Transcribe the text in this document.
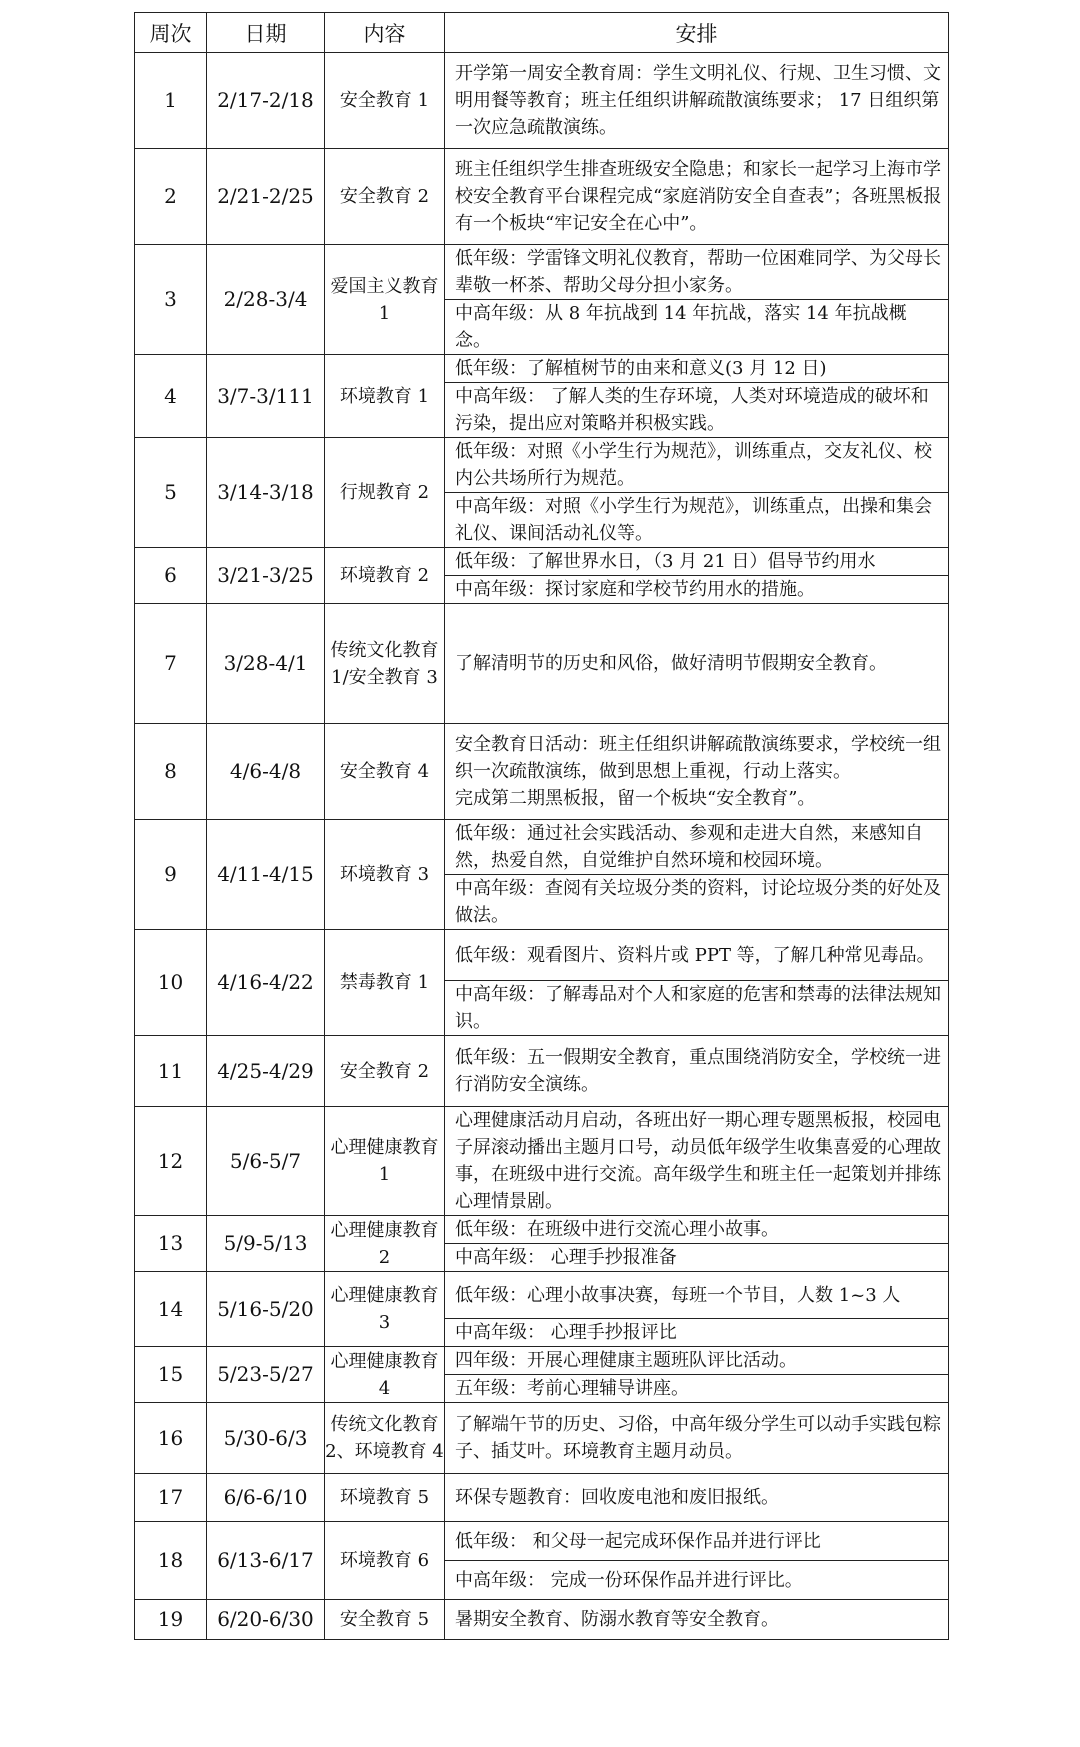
周次	日期	内容	安排
1	2/17-2/18	安全教育 1	开学第一周安全教育周：学生文明礼仪、行规、卫生习惯、文明用餐等教育；班主任组织讲解疏散演练要求； 17 日组织第一次应急疏散演练。
2	2/21-2/25	安全教育 2	班主任组织学生排查班级安全隐患；和家长一起学习上海市学校安全教育平台课程完成“家庭消防安全自查表”；各班黑板报有一个板块“牢记安全在心中”。
3	2/28-3/4	爱国主义教育 1	低年级：学雷锋文明礼仪教育，帮助一位困难同学、为父母长辈敬一杯茶、帮助父母分担小家务。
			中高年级：从 8 年抗战到 14 年抗战，落实 14 年抗战概念。
4	3/7-3/111	环境教育 1	低年级：了解植树节的由来和意义(3 月 12 日)
			中高年级： 了解人类的生存环境，人类对环境造成的破坏和污染，提出应对策略并积极实践。
5	3/14-3/18	行规教育 2	低年级：对照《小学生行为规范》，训练重点，交友礼仪、校内公共场所行为规范。
			中高年级：对照《小学生行为规范》，训练重点，出操和集会礼仪、课间活动礼仪等。
6	3/21-3/25	环境教育 2	低年级：了解世界水日，（3 月 21 日）倡导节约用水
			中高年级：探讨家庭和学校节约用水的措施。
7	3/28-4/1	传统文化教育 1/安全教育 3	了解清明节的历史和风俗，做好清明节假期安全教育。
8	4/6-4/8	安全教育 4	安全教育日活动：班主任组织讲解疏散演练要求，学校统一组织一次疏散演练，做到思想上重视，行动上落实。
完成第二期黑板报，留一个板块“安全教育”。
9	4/11-4/15	环境教育 3	低年级：通过社会实践活动、参观和走进大自然，来感知自然，热爱自然，自觉维护自然环境和校园环境。
			中高年级：查阅有关垃圾分类的资料，讨论垃圾分类的好处及做法。
10	4/16-4/22	禁毒教育 1	低年级：观看图片、资料片或 PPT 等，了解几种常见毒品。
			中高年级：了解毒品对个人和家庭的危害和禁毒的法律法规知识。
11	4/25-4/29	安全教育 2	低年级：五一假期安全教育，重点围绕消防安全，学校统一进行消防安全演练。
12	5/6-5/7	心理健康教育 1	心理健康活动月启动，各班出好一期心理专题黑板报，校园电子屏滚动播出主题月口号，动员低年级学生收集喜爱的心理故事，在班级中进行交流。高年级学生和班主任一起策划并排练心理情景剧。
13	5/9-5/13	心理健康教育 2	低年级：在班级中进行交流心理小故事。
			中高年级： 心理手抄报准备
14	5/16-5/20	心理健康教育 3	低年级：心理小故事决赛，每班一个节目，人数 1~3 人
			中高年级： 心理手抄报评比
15	5/23-5/27	心理健康教育 4	四年级：开展心理健康主题班队评比活动。
			五年级：考前心理辅导讲座。
16	5/30-6/3	传统文化教育 2、环境教育 4	了解端午节的历史、习俗，中高年级分学生可以动手实践包粽子、插艾叶。环境教育主题月动员。
17	6/6-6/10	环境教育 5	环保专题教育：回收废电池和废旧报纸。
18	6/13-6/17	环境教育 6	低年级： 和父母一起完成环保作品并进行评比
			中高年级： 完成一份环保作品并进行评比。
19	6/20-6/30	安全教育 5	暑期安全教育、防溺水教育等安全教育。
